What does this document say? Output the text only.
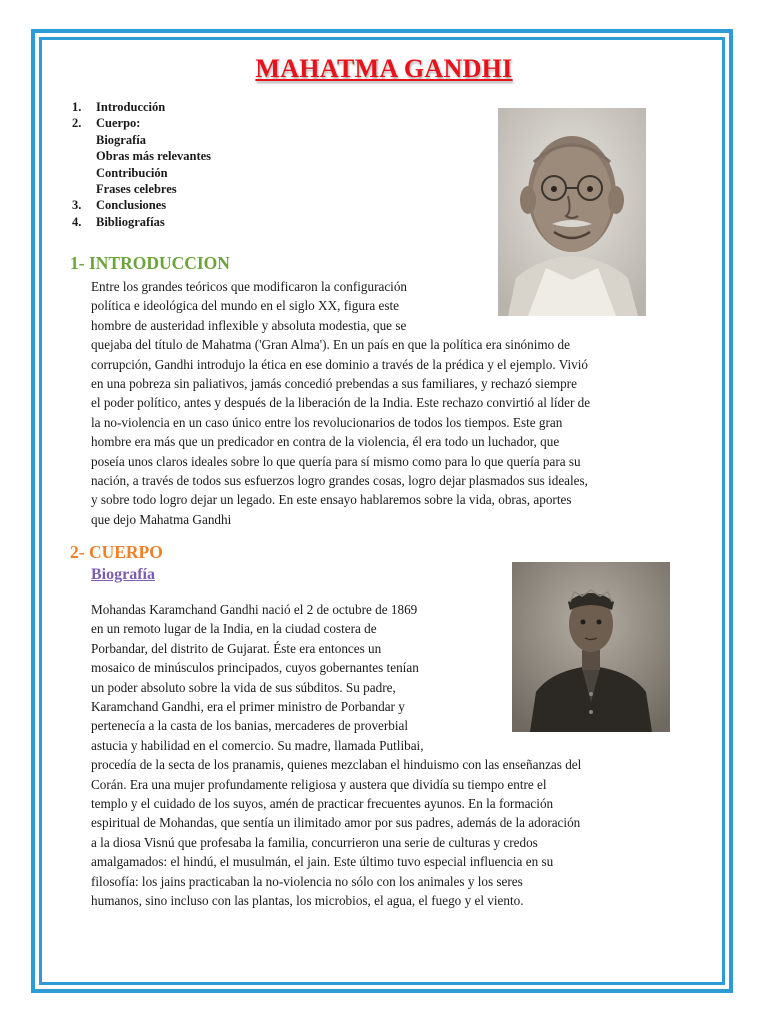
MAHATMA GANDHI
1. Introducción
2. Cuerpo:
Biografía
Obras más relevantes
Contribución
Frases celebres
3. Conclusiones
4. Bibliografías
1- INTRODUCCION
Entre los grandes teóricos que modificaron la configuración
política e ideológica del mundo en el siglo XX, figura este
hombre de austeridad inflexible y absoluta modestia, que se
quejaba del título de Mahatma ('Gran Alma'). En un país en que la política era sinónimo de
corrupción, Gandhi introdujo la ética en ese dominio a través de la prédica y el ejemplo. Vivió
en una pobreza sin paliativos, jamás concedió prebendas a sus familiares, y rechazó siempre
el poder político, antes y después de la liberación de la India. Este rechazo convirtió al líder de
la no-violencia en un caso único entre los revolucionarios de todos los tiempos. Este gran
hombre era más que un predicador en contra de la violencia, él era todo un luchador, que
poseía unos claros ideales sobre lo que quería para sí mismo como para lo que quería para su
nación, a través de todos sus esfuerzos logro grandes cosas, logro dejar plasmados sus ideales,
y sobre todo logro dejar un legado. En este ensayo hablaremos sobre la vida, obras, aportes
que dejo Mahatma Gandhi
2- CUERPO
Biografía
Mohandas Karamchand Gandhi nació el 2 de octubre de 1869
en un remoto lugar de la India, en la ciudad costera de
Porbandar, del distrito de Gujarat. Éste era entonces un
mosaico de minúsculos principados, cuyos gobernantes tenían
un poder absoluto sobre la vida de sus súbditos. Su padre,
Karamchand Gandhi, era el primer ministro de Porbandar y
pertenecía a la casta de los banias, mercaderes de proverbial
astucia y habilidad en el comercio. Su madre, llamada Putlibai,
procedía de la secta de los pranamis, quienes mezclaban el hinduismo con las enseñanzas del
Corán. Era una mujer profundamente religiosa y austera que dividía su tiempo entre el
templo y el cuidado de los suyos, amén de practicar frecuentes ayunos. En la formación
espiritual de Mohandas, que sentía un ilimitado amor por sus padres, además de la adoración
a la diosa Visnú que profesaba la familia, concurrieron una serie de culturas y credos
amalgamados: el hindú, el musulmán, el jain. Este último tuvo especial influencia en su
filosofía: los jains practicaban la no-violencia no sólo con los animales y los seres
humanos, sino incluso con las plantas, los microbios, el agua, el fuego y el viento.
